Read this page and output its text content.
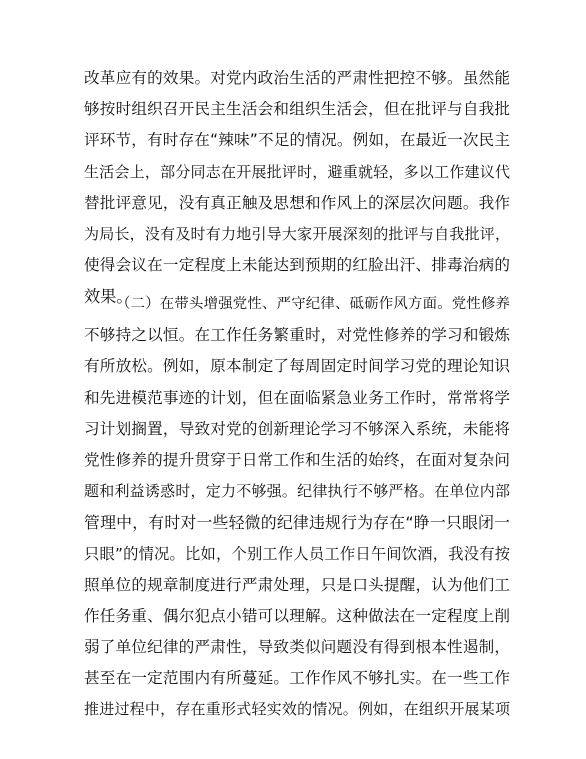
改革应有的效果。对党内政治生活的严肃性把控不够。虽然能
够按时组织召开民主生活会和组织生活会，但在批评与自我批
评环节，有时存在“辣味”不足的情况。例如，在最近一次民主
生活会上，部分同志在开展批评时，避重就轻，多以工作建议代
替批评意见，没有真正触及思想和作风上的深层次问题。我作
为局长，没有及时有力地引导大家开展深刻的批评与自我批评，
使得会议在一定程度上未能达到预期的红脸出汗、排毒治病的
效果。
（二）在带头增强党性、严守纪律、砥砺作风方面。党性修养
不够持之以恒。在工作任务繁重时，对党性修养的学习和锻炼
有所放松。例如，原本制定了每周固定时间学习党的理论知识
和先进模范事迹的计划，但在面临紧急业务工作时，常常将学
习计划搁置，导致对党的创新理论学习不够深入系统，未能将
党性修养的提升贯穿于日常工作和生活的始终，在面对复杂问
题和利益诱惑时，定力不够强。纪律执行不够严格。在单位内部
管理中，有时对一些轻微的纪律违规行为存在“睁一只眼闭一
只眼”的情况。比如，个别工作人员工作日午间饮酒，我没有按
照单位的规章制度进行严肃处理，只是口头提醒，认为他们工
作任务重、偶尔犯点小错可以理解。这种做法在一定程度上削
弱了单位纪律的严肃性，导致类似问题没有得到根本性遏制，
甚至在一定范围内有所蔓延。工作作风不够扎实。在一些工作
推进过程中，存在重形式轻实效的情况。例如，在组织开展某项
